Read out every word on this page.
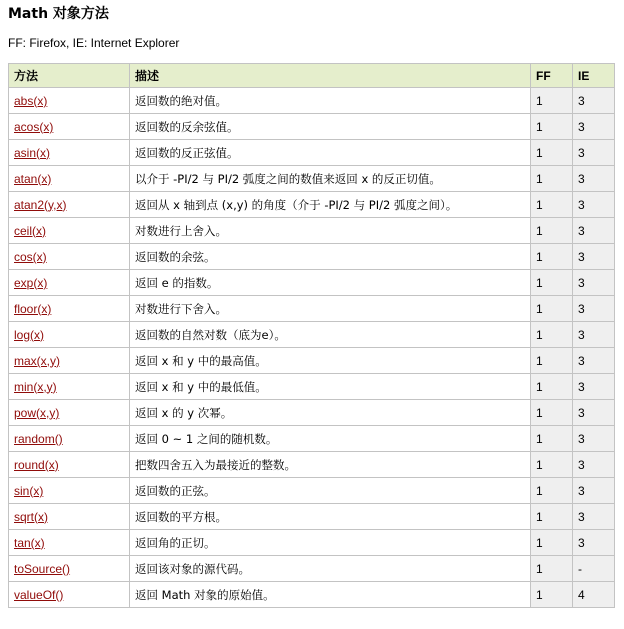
Math 对象方法

FF: Firefox, IE: Internet Explorer

方法	描述	FF	IE
abs(x)	返回数的绝对值。	1	3
acos(x)	返回数的反余弦值。	1	3
asin(x)	返回数的反正弦值。	1	3
atan(x)	以介于 -PI/2 与 PI/2 弧度之间的数值来返回 x 的反正切值。	1	3
atan2(y,x)	返回从 x 轴到点 (x,y) 的角度（介于 -PI/2 与 PI/2 弧度之间）。	1	3
ceil(x)	对数进行上舍入。	1	3
cos(x)	返回数的余弦。	1	3
exp(x)	返回 e 的指数。	1	3
floor(x)	对数进行下舍入。	1	3
log(x)	返回数的自然对数（底为e）。	1	3
max(x,y)	返回 x 和 y 中的最高值。	1	3
min(x,y)	返回 x 和 y 中的最低值。	1	3
pow(x,y)	返回 x 的 y 次幂。	1	3
random()	返回 0 ~ 1 之间的随机数。	1	3
round(x)	把数四舍五入为最接近的整数。	1	3
sin(x)	返回数的正弦。	1	3
sqrt(x)	返回数的平方根。	1	3
tan(x)	返回角的正切。	1	3
toSource()	返回该对象的源代码。	1	-
valueOf()	返回 Math 对象的原始值。	1	4
